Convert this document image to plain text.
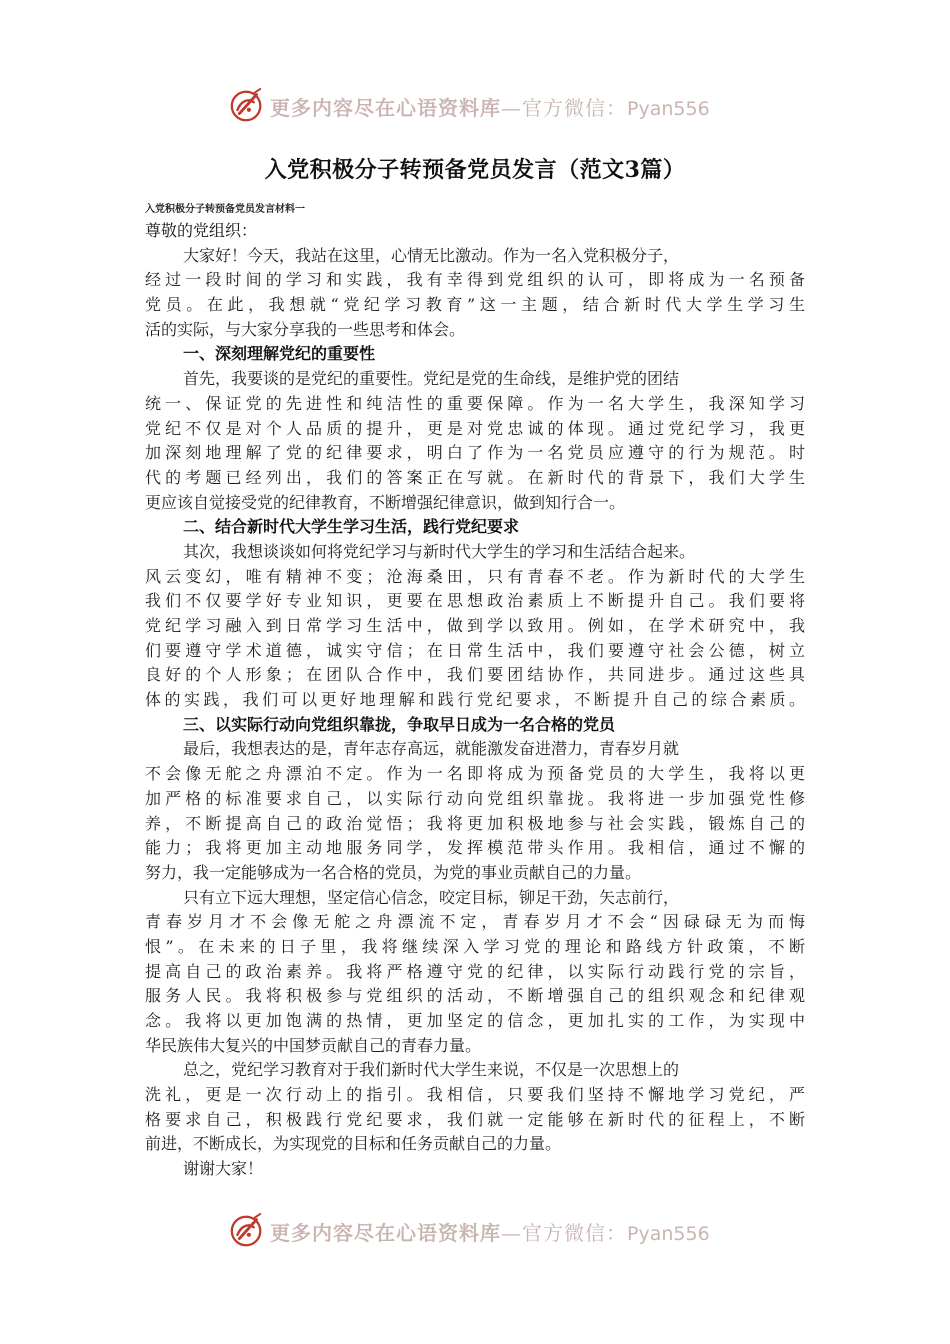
更多内容尽在心语资料库—官方微信：Pyan556
入党积极分子转预备党员发言（范文3篇）
入党积极分子转预备党员发言材料一
尊敬的党组织：
大家好！今天，我站在这里，心情无比激动。作为一名入党积极分子，
经过一段时间的学习和实践，我有幸得到党组织的认可，即将成为一名预备
党员。在此，我想就“党纪学习教育”这一主题，结合新时代大学生学习生
活的实际，与大家分享我的一些思考和体会。
一、深刻理解党纪的重要性
首先，我要谈的是党纪的重要性。党纪是党的生命线，是维护党的团结
统一、保证党的先进性和纯洁性的重要保障。作为一名大学生，我深知学习
党纪不仅是对个人品质的提升，更是对党忠诚的体现。通过党纪学习，我更
加深刻地理解了党的纪律要求，明白了作为一名党员应遵守的行为规范。时
代的考题已经列出，我们的答案正在写就。在新时代的背景下，我们大学生
更应该自觉接受党的纪律教育，不断增强纪律意识，做到知行合一。
二、结合新时代大学生学习生活，践行党纪要求
其次，我想谈谈如何将党纪学习与新时代大学生的学习和生活结合起来。
风云变幻，唯有精神不变；沧海桑田，只有青春不老。作为新时代的大学生
我们不仅要学好专业知识，更要在思想政治素质上不断提升自己。我们要将
党纪学习融入到日常学习生活中，做到学以致用。例如，在学术研究中，我
们要遵守学术道德，诚实守信；在日常生活中，我们要遵守社会公德，树立
良好的个人形象；在团队合作中，我们要团结协作，共同进步。通过这些具
体的实践，我们可以更好地理解和践行党纪要求，不断提升自己的综合素质。
三、以实际行动向党组织靠拢，争取早日成为一名合格的党员
最后，我想表达的是，青年志存高远，就能激发奋进潜力，青春岁月就
不会像无舵之舟漂泊不定。作为一名即将成为预备党员的大学生，我将以更
加严格的标准要求自己，以实际行动向党组织靠拢。我将进一步加强党性修
养，不断提高自己的政治觉悟；我将更加积极地参与社会实践，锻炼自己的
能力；我将更加主动地服务同学，发挥模范带头作用。我相信，通过不懈的
努力，我一定能够成为一名合格的党员，为党的事业贡献自己的力量。
只有立下远大理想，坚定信心信念，咬定目标，铆足干劲，矢志前行，
青春岁月才不会像无舵之舟漂流不定，青春岁月才不会“因碌碌无为而悔
恨”。在未来的日子里，我将继续深入学习党的理论和路线方针政策，不断
提高自己的政治素养。我将严格遵守党的纪律，以实际行动践行党的宗旨，
服务人民。我将积极参与党组织的活动，不断增强自己的组织观念和纪律观
念。我将以更加饱满的热情，更加坚定的信念，更加扎实的工作，为实现中
华民族伟大复兴的中国梦贡献自己的青春力量。
总之，党纪学习教育对于我们新时代大学生来说，不仅是一次思想上的
洗礼，更是一次行动上的指引。我相信，只要我们坚持不懈地学习党纪，严
格要求自己，积极践行党纪要求，我们就一定能够在新时代的征程上，不断
前进，不断成长，为实现党的目标和任务贡献自己的力量。
谢谢大家！
更多内容尽在心语资料库—官方微信：Pyan556
